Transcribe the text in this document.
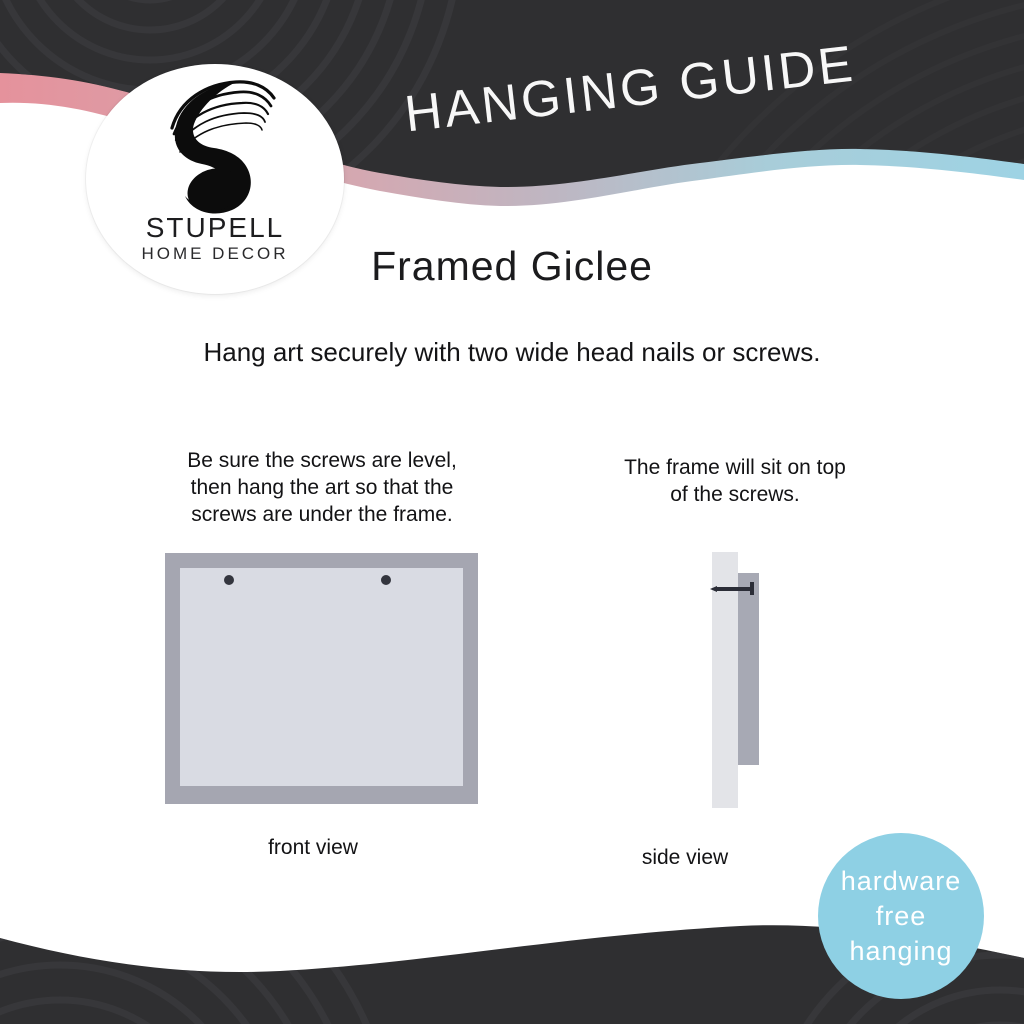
HANGING GUIDE
STUPELL
HOME DECOR	Framed Giclee
Hang art securely with two wide head nails or screws.
Be sure the screws are level,
then hang the art so that the
screws are under the frame.
The frame will sit on top
of the screws.
front view	side view
hardware
free
hanging
